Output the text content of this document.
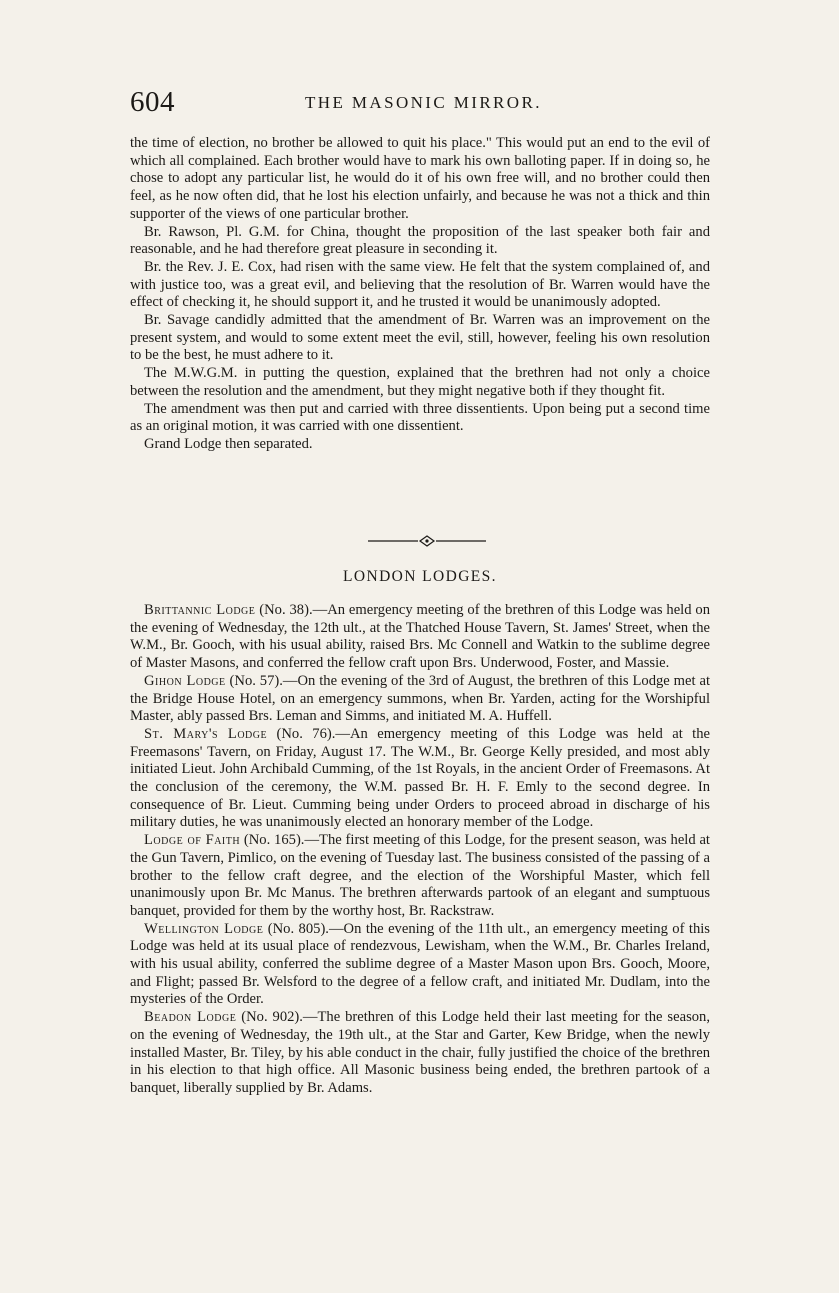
604	THE MASONIC MIRROR.

the time of election, no brother be allowed to quit his place." This would put an end to the evil of which all complained. Each brother would have to mark his own balloting paper. If in doing so, he chose to adopt any particular list, he would do it of his own free will, and no brother could then feel, as he now often did, that he lost his election unfairly, and because he was not a thick and thin supporter of the views of one particular brother.

Br. Rawson, Pl. G.M. for China, thought the proposition of the last speaker both fair and reasonable, and he had therefore great pleasure in seconding it.

Br. the Rev. J. E. Cox, had risen with the same view. He felt that the system complained of, and with justice too, was a great evil, and believing that the resolution of Br. Warren would have the effect of checking it, he should support it, and he trusted it would be unanimously adopted.

Br. Savage candidly admitted that the amendment of Br. Warren was an improvement on the present system, and would to some extent meet the evil, still, however, feeling his own resolution to be the best, he must adhere to it.

The M.W.G.M. in putting the question, explained that the brethren had not only a choice between the resolution and the amendment, but they might negative both if they thought fit.

The amendment was then put and carried with three dissentients. Upon being put a second time as an original motion, it was carried with one dissentient.

Grand Lodge then separated.

LONDON LODGES.

Brittannic Lodge (No. 38).—An emergency meeting of the brethren of this Lodge was held on the evening of Wednesday, the 12th ult., at the Thatched House Tavern, St. James' Street, when the W.M., Br. Gooch, with his usual ability, raised Brs. Mc Connell and Watkin to the sublime degree of Master Masons, and conferred the fellow craft upon Brs. Underwood, Foster, and Massie.

Gihon Lodge (No. 57).—On the evening of the 3rd of August, the brethren of this Lodge met at the Bridge House Hotel, on an emergency summons, when Br. Yarden, acting for the Worshipful Master, ably passed Brs. Leman and Simms, and initiated M. A. Huffell.

St. Mary's Lodge (No. 76).—An emergency meeting of this Lodge was held at the Freemasons' Tavern, on Friday, August 17. The W.M., Br. George Kelly presided, and most ably initiated Lieut. John Archibald Cumming, of the 1st Royals, in the ancient Order of Freemasons. At the conclusion of the ceremony, the W.M. passed Br. H. F. Emly to the second degree. In consequence of Br. Lieut. Cumming being under Orders to proceed abroad in discharge of his military duties, he was unanimously elected an honorary member of the Lodge.

Lodge of Faith (No. 165).—The first meeting of this Lodge, for the present season, was held at the Gun Tavern, Pimlico, on the evening of Tuesday last. The business consisted of the passing of a brother to the fellow craft degree, and the election of the Worshipful Master, which fell unanimously upon Br. Mc Manus. The brethren afterwards partook of an elegant and sumptuous banquet, provided for them by the worthy host, Br. Rackstraw.

Wellington Lodge (No. 805).—On the evening of the 11th ult., an emergency meeting of this Lodge was held at its usual place of rendezvous, Lewisham, when the W.M., Br. Charles Ireland, with his usual ability, conferred the sublime degree of a Master Mason upon Brs. Gooch, Moore, and Flight; passed Br. Welsford to the degree of a fellow craft, and initiated Mr. Dudlam, into the mysteries of the Order.

Beadon Lodge (No. 902).—The brethren of this Lodge held their last meeting for the season, on the evening of Wednesday, the 19th ult., at the Star and Garter, Kew Bridge, when the newly installed Master, Br. Tiley, by his able conduct in the chair, fully justified the choice of the brethren in his election to that high office. All Masonic business being ended, the brethren partook of a banquet, liberally supplied by Br. Adams.
